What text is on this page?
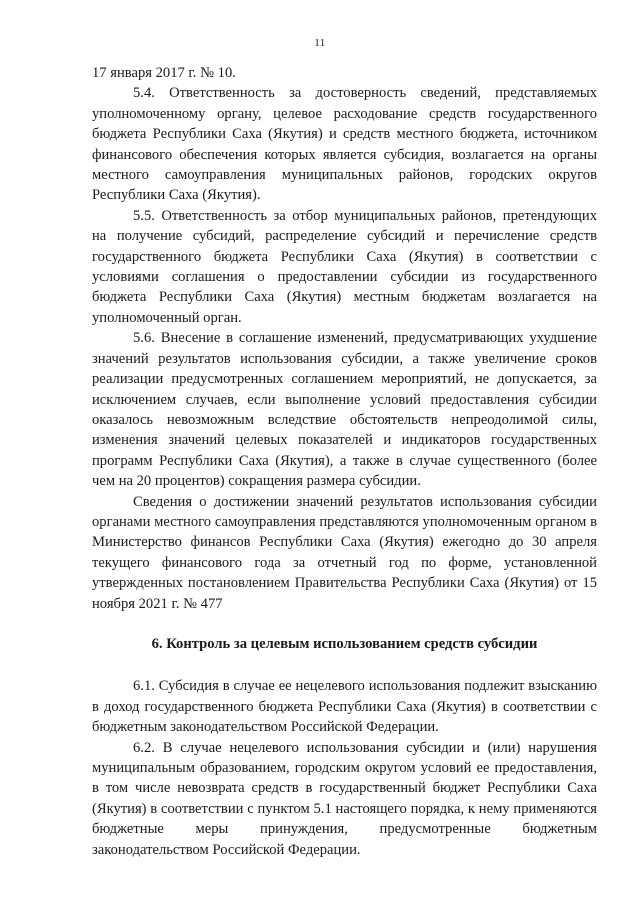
11

17 января 2017 г. № 10.

5.4. Ответственность за достоверность сведений, представляемых уполномоченному органу, целевое расходование средств государственного бюджета Республики Саха (Якутия) и средств местного бюджета, источником финансового обеспечения которых является субсидия, возлагается на органы местного самоуправления муниципальных районов, городских округов Республики Саха (Якутия).

5.5. Ответственность за отбор муниципальных районов, претендующих на получение субсидий, распределение субсидий и перечисление средств государственного бюджета Республики Саха (Якутия) в соответствии с условиями соглашения о предоставлении субсидии из государственного бюджета Республики Саха (Якутия) местным бюджетам возлагается на уполномоченный орган.

5.6. Внесение в соглашение изменений, предусматривающих ухудшение значений результатов использования субсидии, а также увеличение сроков реализации предусмотренных соглашением мероприятий, не допускается, за исключением случаев, если выполнение условий предоставления субсидии оказалось невозможным вследствие обстоятельств непреодолимой силы, изменения значений целевых показателей и индикаторов государственных программ Республики Саха (Якутия), а также в случае существенного (более чем на 20 процентов) сокращения размера субсидии.

Сведения о достижении значений результатов использования субсидии органами местного самоуправления представляются уполномоченным органом в Министерство финансов Республики Саха (Якутия) ежегодно до 30 апреля текущего финансового года за отчетный год по форме, установленной утвержденных постановлением Правительства Республики Саха (Якутия) от 15 ноября 2021 г. № 477

6. Контроль за целевым использованием средств субсидии

6.1. Субсидия в случае ее нецелевого использования подлежит взысканию в доход государственного бюджета Республики Саха (Якутия) в соответствии с бюджетным законодательством Российской Федерации.

6.2. В случае нецелевого использования субсидии и (или) нарушения муниципальным образованием, городским округом условий ее предоставления, в том числе невозврата средств в государственный бюджет Республики Саха (Якутия) в соответствии с пунктом 5.1 настоящего порядка, к нему применяются бюджетные меры принуждения, предусмотренные бюджетным законодательством Российской Федерации.
